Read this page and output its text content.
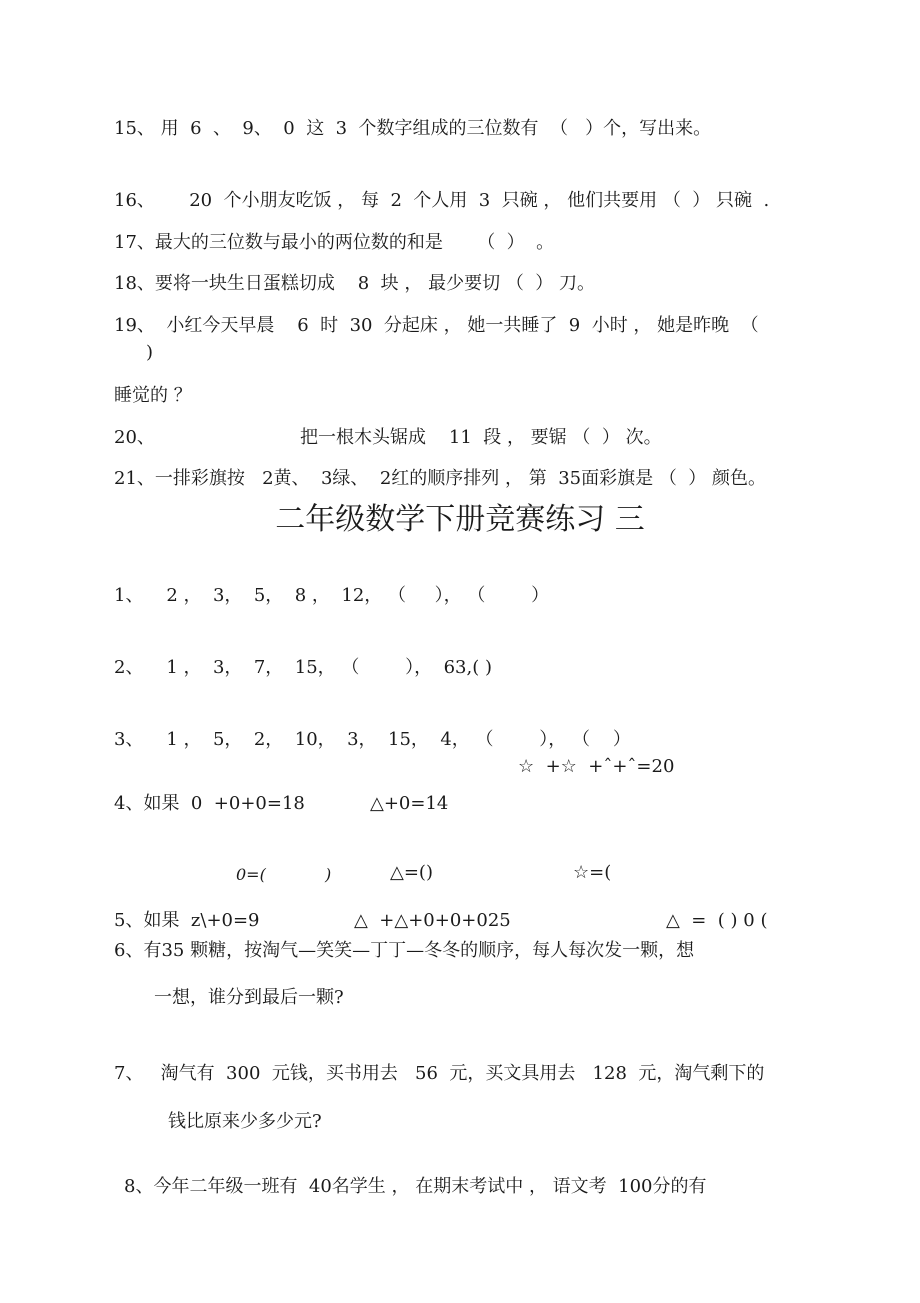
15、 用  6  、  9、  0  这  3  个数字组成的三位数有  （   ）个，写出来。
16、      20  个小朋友吃饭 ， 每  2  个人用  3  只碗 ， 他们共要用 （  ） 只碗  .
17、最大的三位数与最小的两位数的和是      （  ）  。
18、要将一块生日蛋糕切成    8  块 ， 最少要切 （  ） 刀。
19、  小红今天早晨    6  时  30  分起床 ， 她一共睡了  9  小时 ， 她是昨晚  （
)
睡觉的 ？
20、	把一根木头锯成    11  段 ， 要锯 （  ） 次。
21、一排彩旗按   2黄、  3绿、  2红的顺序排列 ， 第  35面彩旗是 （  ） 颜色。
二年级数学下册竞赛练习 三
1、    2 ，  3，  5，  8 ，  12， （     ）， （        ）
2、    1 ，  3，  7，  15， （        ），  63,( )
3、    1 ，  5，  2，  10，  3，  15，  4， （        ）， （    ）
☆  +☆  +ˆ+ˆ=20
4、如果  0  +0+0=18	△+0=14
0=(	)	△=()	☆=(
5、如果  z\+0=9	△  +△+0+0+025	△  =  ( ) 0 (
6、有35 颗糖，按淘气—笑笑—丁丁—冬冬的顺序，每人每次发一颗，想
一想，谁分到最后一颗?
7、   淘气有  300  元钱，买书用去   56  元，买文具用去   128  元，淘气剩下的
钱比原来少多少元?
8、今年二年级一班有  40名学生 ， 在期末考试中 ， 语文考  100分的有
